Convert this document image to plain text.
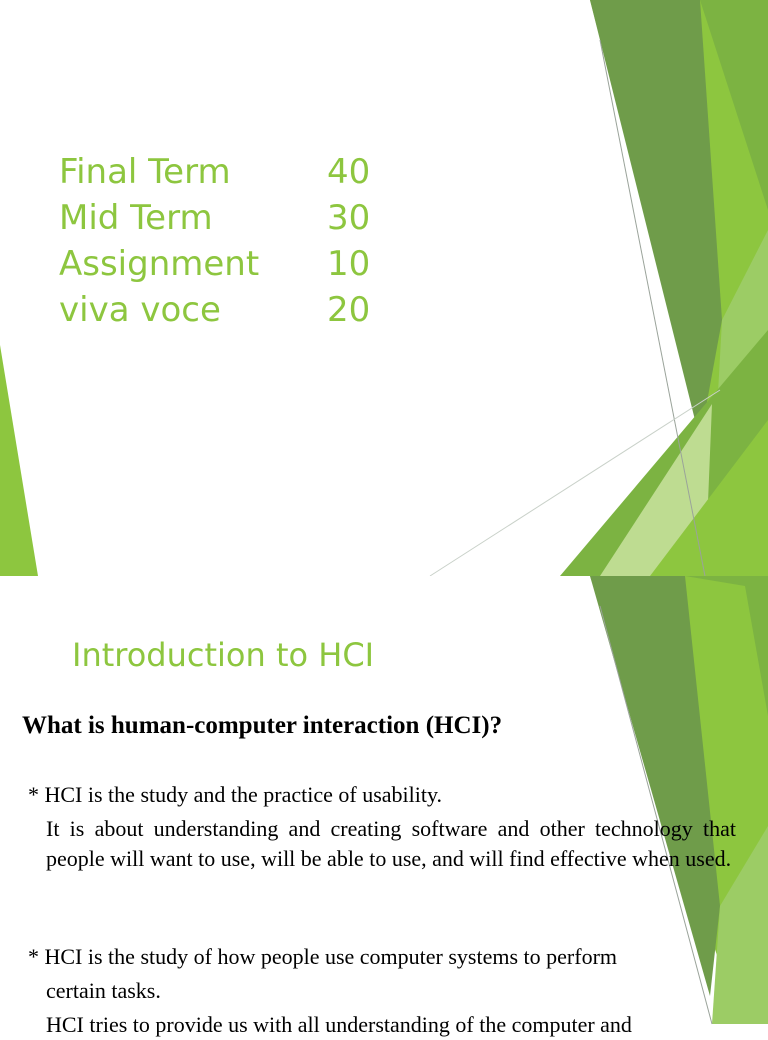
Final Term	40
Mid Term	30
Assignment 10
viva voce	20
Introduction to HCI
What is human-computer interaction (HCI)?
* HCI is the study and the practice of usability.
It is about understanding and creating software and other technology that people will want to use, will be able to use, and will find effective when used.
* HCI is the study of how people use computer systems to perform
certain tasks.
HCI tries to provide us with all understanding of the computer and
